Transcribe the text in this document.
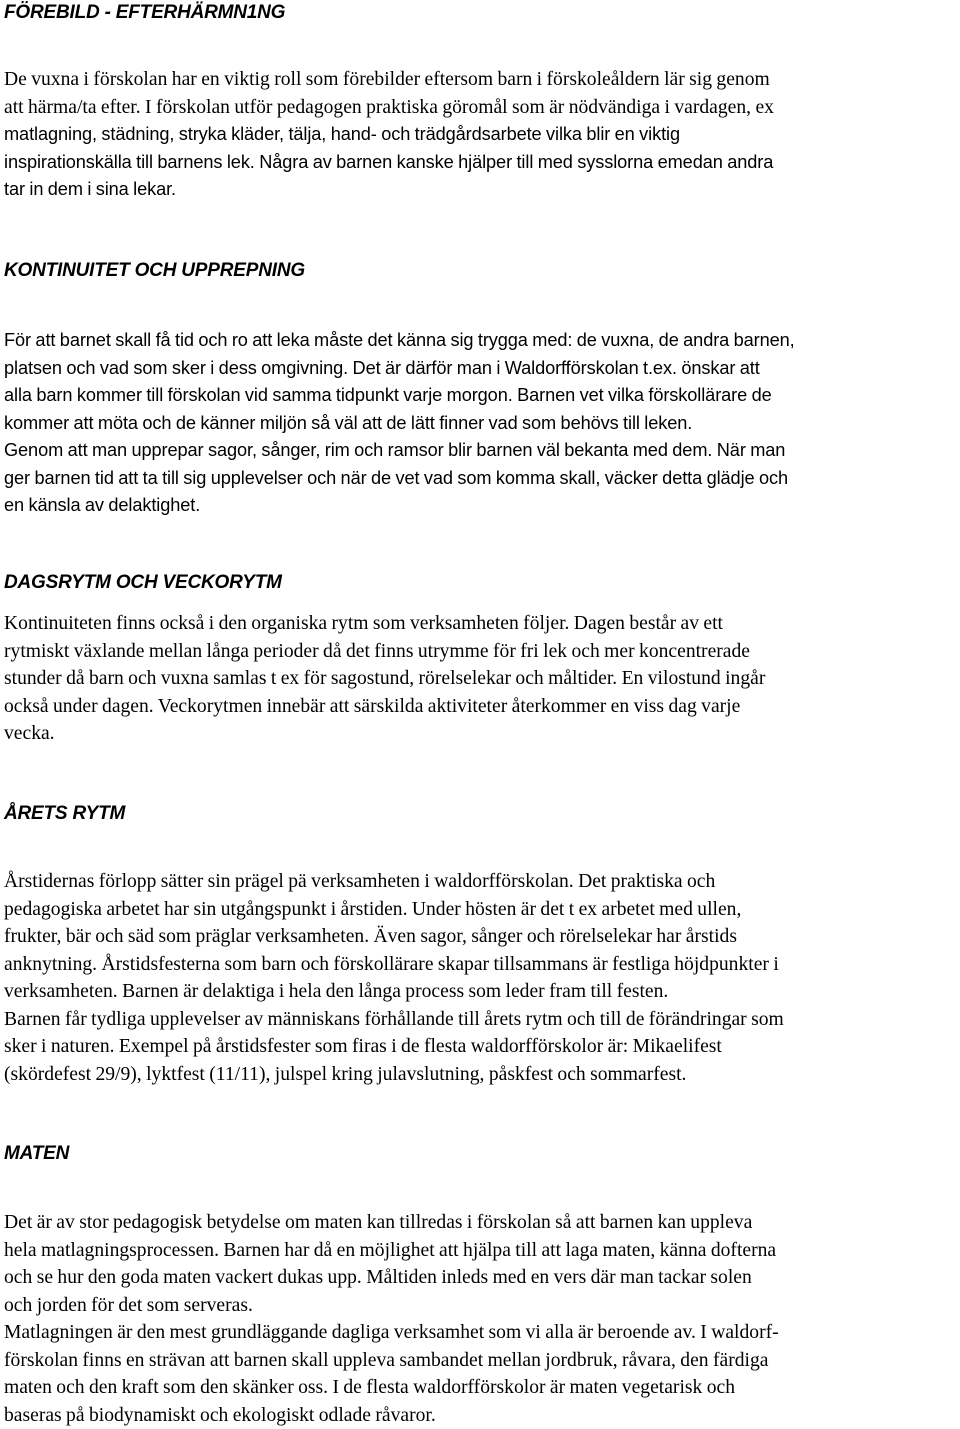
FÖREBILD - EFTERHÄRMN1NG
De vuxna i förskolan har en viktig roll som förebilder eftersom barn i förskoleåldern lär sig genom
att härma/ta efter. I förskolan utför pedagogen praktiska göromål som är nödvändiga i vardagen, ex
matlagning, städning, stryka kläder, tälja, hand- och trädgårdsarbete vilka blir en viktig
inspirationskälla till barnens lek. Några av barnen kanske hjälper till med sysslorna emedan andra
tar in dem i sina lekar.
KONTINUITET OCH UPPREPNING
För att barnet skall få tid och ro att leka måste det känna sig trygga med: de vuxna, de andra barnen,
platsen och vad som sker i dess omgivning. Det är därför man i Waldorfförskolan t.ex. önskar att
alla barn kommer till förskolan vid samma tidpunkt varje morgon. Barnen vet vilka förskollärare de
kommer att möta och de känner miljön så väl att de lätt finner vad som behövs till leken.
Genom att man upprepar sagor, sånger, rim och ramsor blir barnen väl bekanta med dem. När man
ger barnen tid att ta till sig upplevelser och när de vet vad som komma skall, väcker detta glädje och
en känsla av delaktighet.
DAGSRYTM OCH VECKORYTM
Kontinuiteten finns också i den organiska rytm som verksamheten följer. Dagen består av ett
rytmiskt växlande mellan långa perioder då det finns utrymme för fri lek och mer koncentrerade
stunder då barn och vuxna samlas t ex för sagostund, rörelselekar och måltider. En vilostund ingår
också under dagen. Veckorytmen innebär att särskilda aktiviteter återkommer en viss dag varje
vecka.
ÅRETS RYTM
Årstidernas förlopp sätter sin prägel pä verksamheten i waldorfförskolan. Det praktiska och
pedagogiska arbetet har sin utgångspunkt i årstiden. Under hösten är det t ex arbetet med ullen,
frukter, bär och säd som präglar verksamheten. Även sagor, sånger och rörelselekar har årstids
anknytning. Årstidsfesterna som barn och förskollärare skapar tillsammans är festliga höjdpunkter i
verksamheten. Barnen är delaktiga i hela den långa process som leder fram till festen.
Barnen får tydliga upplevelser av människans förhållande till årets rytm och till de förändringar som
sker i naturen. Exempel på årstidsfester som firas i de flesta waldorfförskolor är: Mikaelifest
(skördefest 29/9), lyktfest (11/11), julspel kring julavslutning, påskfest och sommarfest.
MATEN
Det är av stor pedagogisk betydelse om maten kan tillredas i förskolan så att barnen kan uppleva
hela matlagningsprocessen. Barnen har då en möjlighet att hjälpa till att laga maten, känna dofterna
och se hur den goda maten vackert dukas upp. Måltiden inleds med en vers där man tackar solen
och jorden för det som serveras.
Matlagningen är den mest grundläggande dagliga verksamhet som vi alla är beroende av. I waldorf-
förskolan finns en strävan att barnen skall uppleva sambandet mellan jordbruk, råvara, den färdiga
maten och den kraft som den skänker oss. I de flesta waldorfförskolor är maten vegetarisk och
baseras på biodynamiskt och ekologiskt odlade råvaror.
